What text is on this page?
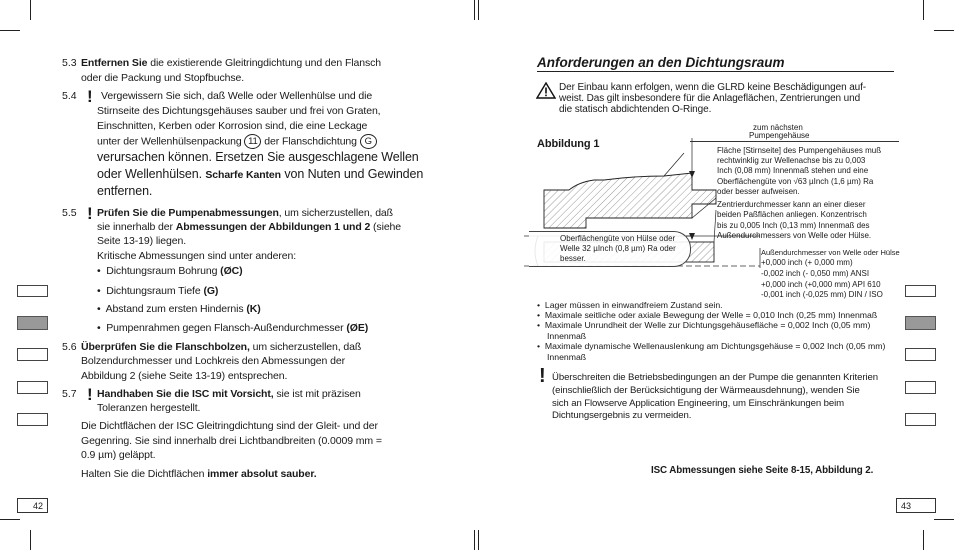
5.3 Entfernen Sie die existierende Gleitringdichtung und den Flansch
oder die Packung und Stopfbuchse.
5.4 ! Vergewissern Sie sich, daß Welle oder Wellenhülse und die
Stirnseite des Dichtungsgehäuses sauber und frei von Graten,
Einschnitten, Kerben oder Korrosion sind, die eine Leckage
unter der Wellenhülsenpackung 11 der Flanschdichtung G
verursachen können. Ersetzen Sie ausgeschlagene Wellen
oder Wellenhülsen. Scharfe Kanten von Nuten und Gewinden
entfernen.
5.5 ! Prüfen Sie die Pumpenabmessungen, um sicherzustellen, daß
sie innerhalb der Abmessungen der Abbildungen 1 und 2 (siehe
Seite 13-19) liegen.
Kritische Abmessungen sind unter anderen:
•  Dichtungsraum Bohrung (ØC)
•  Dichtungsraum Tiefe (G)
•  Abstand zum ersten Hindernis (K)
•  Pumpenrahmen gegen Flansch-Außendurchmesser (ØE)
5.6 Überprüfen Sie die Flanschbolzen, um sicherzustellen, daß
Bolzendurchmesser und Lochkreis den Abmessungen der
Abbildung 2 (siehe Seite 13-19) entsprechen.
5.7 ! Handhaben Sie die ISC mit Vorsicht, sie ist mit präzisen
Toleranzen hergestellt.
Die Dichtflächen der ISC Gleitringdichtung sind der Gleit- und der
Gegenring. Sie sind innerhalb drei Lichtbandbreiten (0.0009 mm =
0.9 µm) geläppt.
Halten Sie die Dichtflächen immer absolut sauber.
42
Anforderungen an den Dichtungsraum
Der Einbau kann erfolgen, wenn die GLRD keine Beschädigungen auf-
weist. Das gilt insbesondere für die Anlageflächen, Zentrierungen und
die statisch abdichtenden O-Ringe.
Abbildung 1
zum nächsten
Pumpengehäuse
Fläche [Stirnseite] des Pumpengehäuses muß
rechtwinklig zur Wellenachse bis zu 0,003
Inch (0,08 mm) Innenmaß stehen und eine
Oberflächengüte von √63 µInch (1,6 µm) Ra
oder besser aufweisen.
Zentrierdurchmesser kann an einer dieser
beiden Paßflächen anliegen. Konzentrisch
bis zu 0,005 Inch (0,13 mm) Innenmaß des
Außendurchmessers von Welle oder Hülse.
Oberflächengüte von Hülse oder
Welle 32 µInch (0,8 µm) Ra oder
besser.
Außendurchmesser von Welle oder Hülse
+0,000 inch (+ 0,000 mm)
-0,002 inch (- 0,050 mm) ANSI
+0,000 inch (+0,000 mm) API 610
-0,001 inch (-0,025 mm) DIN / ISO
•  Lager müssen in einwandfreiem Zustand sein.
•  Maximale seitliche oder axiale Bewegung der Welle = 0,010 Inch (0,25 mm) Innenmaß
•  Maximale Unrundheit der Welle zur Dichtungsgehäusefläche = 0,002 Inch (0,05 mm)
Innenmaß
•  Maximale dynamische Wellenauslenkung am Dichtungsgehäuse = 0,002 Inch (0,05 mm)
Innenmaß
! Überschreiten die Betriebsbedingungen an der Pumpe die genannten Kriterien
(einschließlich der Berücksichtigung der Wärmeausdehnung), wenden Sie
sich an Flowserve Application Engineering, um Einschränkungen beim
Dichtungsergebnis zu vermeiden.
ISC Abmessungen siehe Seite 8-15, Abbildung 2.
43
